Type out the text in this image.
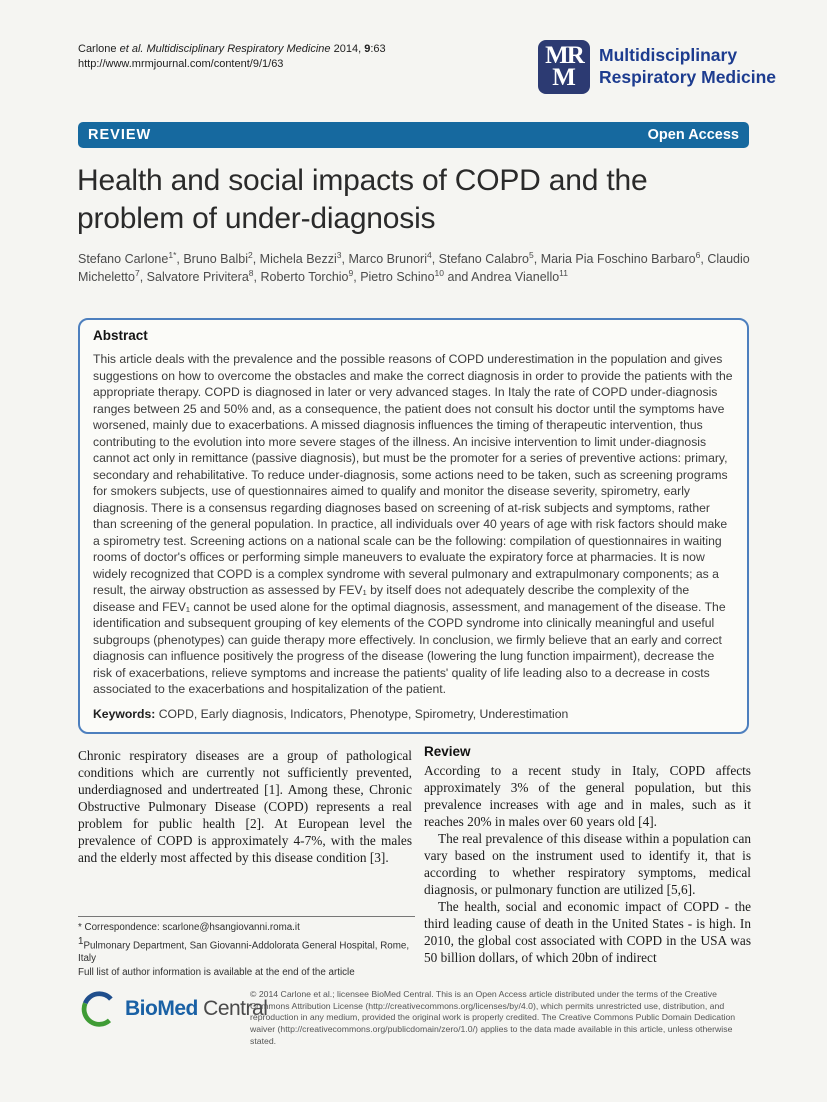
Carlone et al. Multidisciplinary Respiratory Medicine 2014, 9:63
http://www.mrmjournal.com/content/9/1/63	MR
M
Multidisciplinary
Respiratory Medicine
REVIEW	Open Access
Health and social impacts of COPD and the problem of under-diagnosis
Stefano Carlone$^{1*}$, Bruno Balbi$^2$, Michela Bezzi$^3$, Marco Brunori$^4$, Stefano Calabro$^5$, Maria Pia Foschino Barbaro$^6$, Claudio Micheletto$^7$, Salvatore Privitera$^8$, Roberto Torchio$^9$, Pietro Schino$^{10}$ and Andrea Vianello$^{11}$
Abstract

This article deals with the prevalence and the possible reasons of COPD underestimation in the population and gives suggestions on how to overcome the obstacles and make the correct diagnosis in order to provide the patients with the appropriate therapy. COPD is diagnosed in later or very advanced stages. In Italy the rate of COPD under-diagnosis ranges between 25 and 50% and, as a consequence, the patient does not consult his doctor until the symptoms have worsened, mainly due to exacerbations. A missed diagnosis influences the timing of therapeutic intervention, thus contributing to the evolution into more severe stages of the illness. An incisive intervention to limit under-diagnosis cannot act only in remittance (passive diagnosis), but must be the promoter for a series of preventive actions: primary, secondary and rehabilitative. To reduce under-diagnosis, some actions need to be taken, such as screening programs for smokers subjects, use of questionnaires aimed to qualify and monitor the disease severity, spirometry, early diagnosis. There is a consensus regarding diagnoses based on screening of at-risk subjects and symptoms, rather than screening of the general population. In practice, all individuals over 40 years of age with risk factors should make a spirometry test. Screening actions on a national scale can be the following: compilation of questionnaires in waiting rooms of doctor's offices or performing simple maneuvers to evaluate the expiratory force at pharmacies. It is now widely recognized that COPD is a complex syndrome with several pulmonary and extrapulmonary components; as a result, the airway obstruction as assessed by FEV₁ by itself does not adequately describe the complexity of the disease and FEV₁ cannot be used alone for the optimal diagnosis, assessment, and management of the disease. The identification and subsequent grouping of key elements of the COPD syndrome into clinically meaningful and useful subgroups (phenotypes) can guide therapy more effectively. In conclusion, we firmly believe that an early and correct diagnosis can influence positively the progress of the disease (lowering the lung function impairment), decrease the risk of exacerbations, relieve symptoms and increase the patients' quality of life leading also to a decrease in costs associated to the exacerbations and hospitalization of the patient.

Keywords: COPD, Early diagnosis, Indicators, Phenotype, Spirometry, Underestimation

Chronic respiratory diseases are a group of pathological conditions which are currently not sufficiently prevented, underdiagnosed and undertreated [1]. Among these, Chronic Obstructive Pulmonary Disease (COPD) represents a real problem for public health [2]. At European level the prevalence of COPD is approximately 4-7%, with the males and the elderly most affected by this disease condition [3].

Review

According to a recent study in Italy, COPD affects approximately 3% of the general population, but this prevalence increases with age and in males, such as it reaches 20% in males over 60 years old [4].

The real prevalence of this disease within a population can vary based on the instrument used to identify it, that is according to whether respiratory symptoms, medical diagnosis, or pulmonary function are utilized [5,6].

The health, social and economic impact of COPD - the third leading cause of death in the United States - is high. In 2010, the global cost associated with COPD in the USA was 50 billion dollars, of which 20bn of indirect

* Correspondence: scarlone@hsangiovanni.roma.it
$^1$Pulmonary Department, San Giovanni-Addolorata General Hospital, Rome, Italy
Full list of author information is available at the end of the article
BioMed Central
© 2014 Carlone et al.; licensee BioMed Central. This is an Open Access article distributed under the terms of the Creative Commons Attribution License (http://creativecommons.org/licenses/by/4.0), which permits unrestricted use, distribution, and reproduction in any medium, provided the original work is properly credited. The Creative Commons Public Domain Dedication waiver (http://creativecommons.org/publicdomain/zero/1.0/) applies to the data made available in this article, unless otherwise stated.
